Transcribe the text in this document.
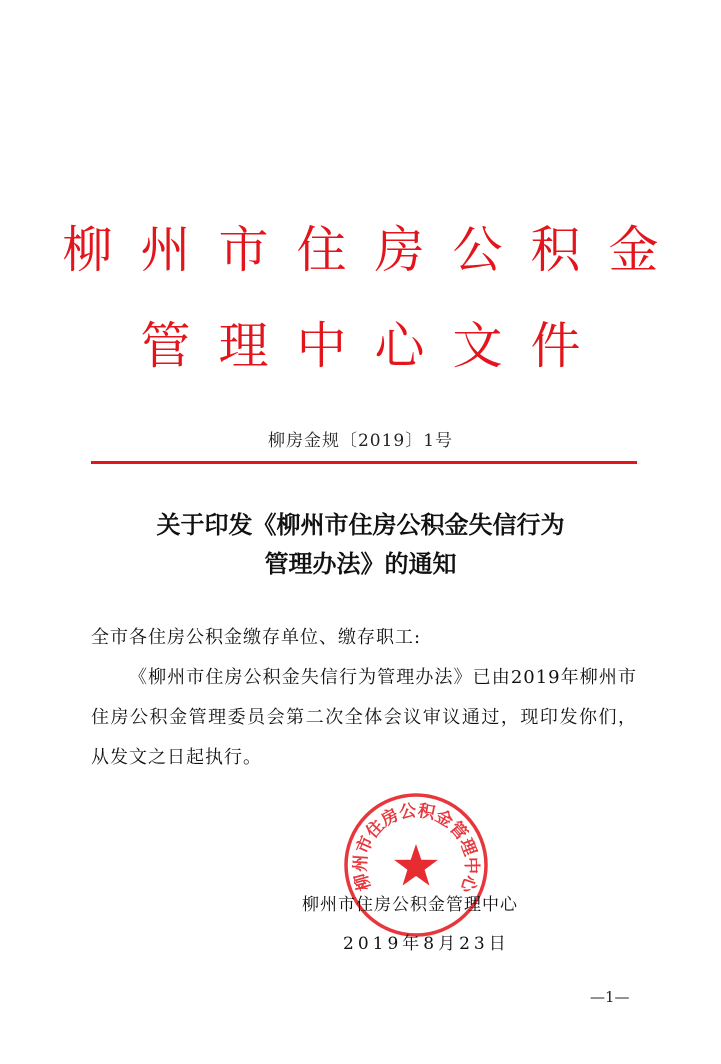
柳州市住房公积金
管理中心文件
柳房金规〔2019〕1号
关于印发《柳州市住房公积金失信行为
管理办法》的通知
全市各住房公积金缴存单位、缴存职工:
《柳州市住房公积金失信行为管理办法》已由2019年柳州市住房公积金管理委员会第二次全体会议审议通过，现印发你们，从发文之日起执行。
柳州市住房公积金管理中心
柳州市住房公积金管理中心
2019年8月23日
—1—
